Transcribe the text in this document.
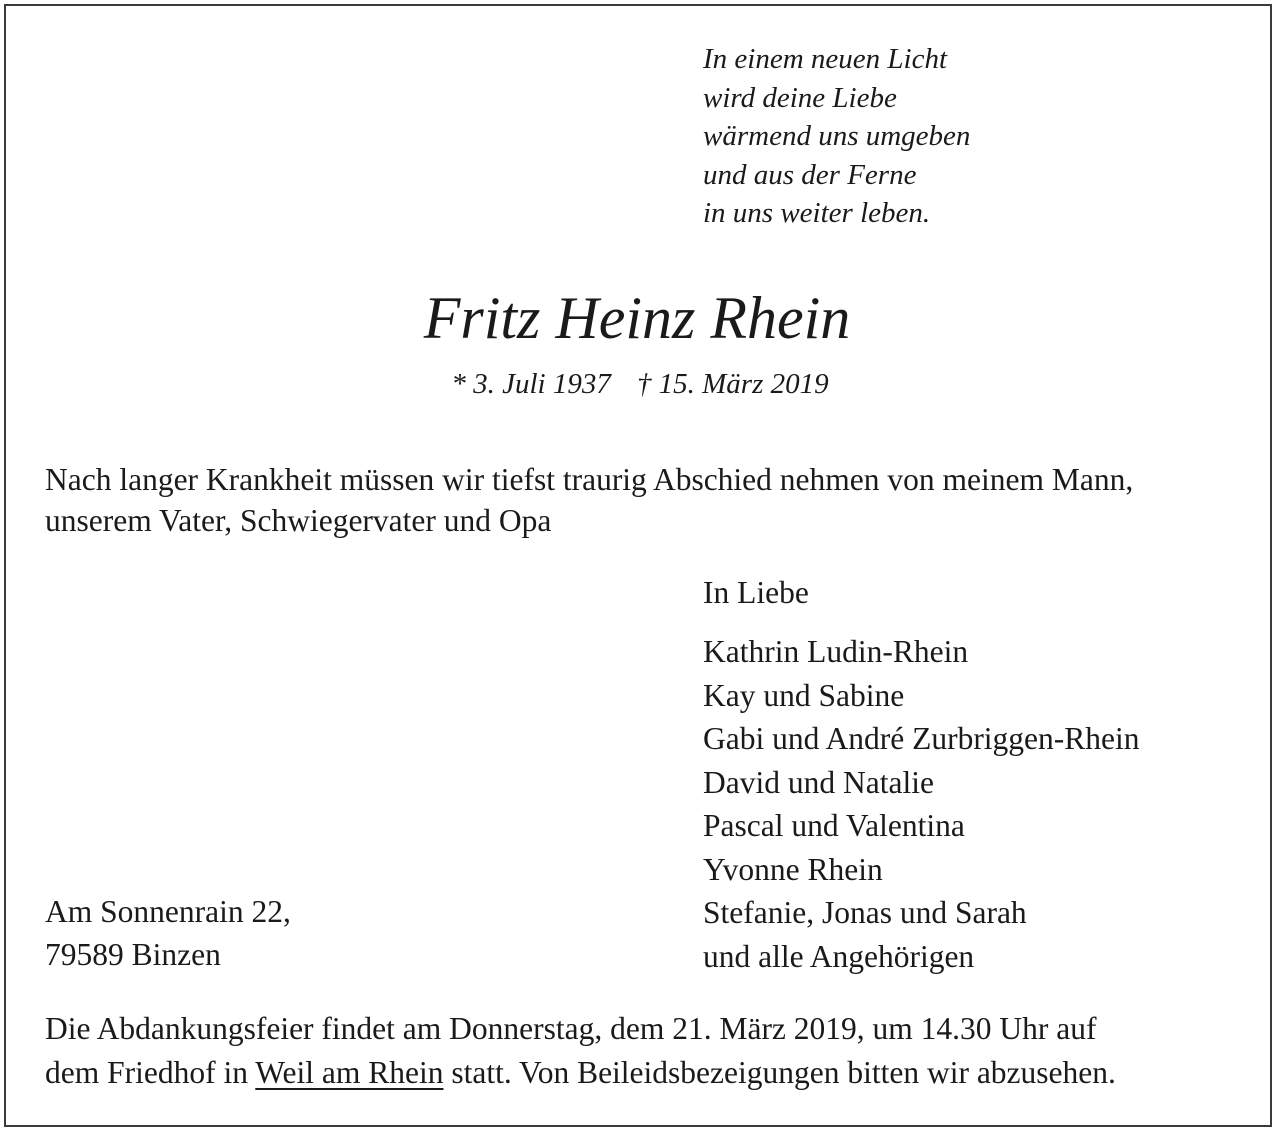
In einem neuen Licht
wird deine Liebe
wärmend uns umgeben
und aus der Ferne
in uns weiter leben.
Fritz Heinz Rhein
* 3. Juli 1937 † 15. März 2019
Nach langer Krankheit müssen wir tiefst traurig Abschied nehmen von meinem Mann,
unserem Vater, Schwiegervater und Opa
In Liebe
Kathrin Ludin-Rhein
Kay und Sabine
Gabi und André Zurbriggen-Rhein
David und Natalie
Pascal und Valentina
Yvonne Rhein
Stefanie, Jonas und Sarah
und alle Angehörigen
Am Sonnenrain 22,
79589 Binzen
Die Abdankungsfeier findet am Donnerstag, dem 21. März 2019, um 14.30 Uhr auf
dem Friedhof in Weil am Rhein statt. Von Beileidsbezeigungen bitten wir abzusehen.
